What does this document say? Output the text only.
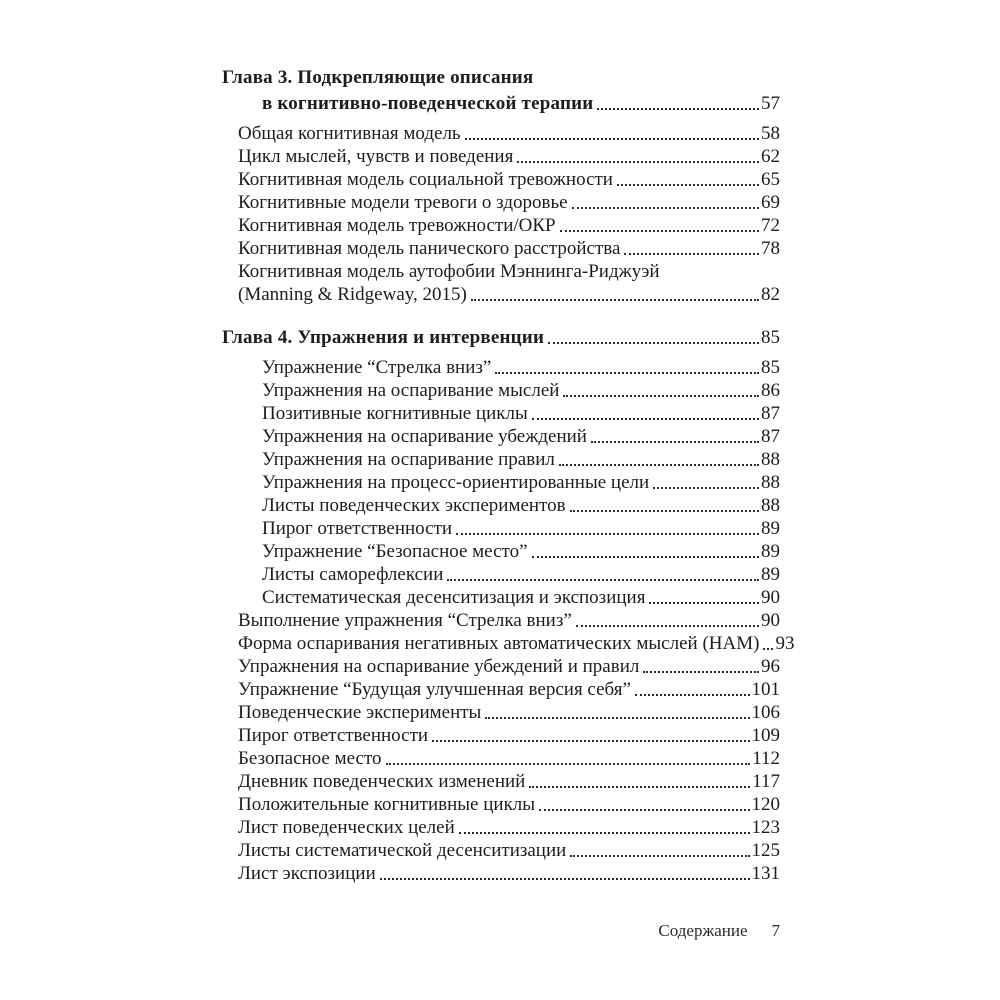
Глава 3. Подкрепляющие описания
в когнитивно-поведенческой терапии	57
Общая когнитивная модель	58
Цикл мыслей, чувств и поведения	62
Когнитивная модель социальной тревожности	65
Когнитивные модели тревоги о здоровье	69
Когнитивная модель тревожности/ОКР	72
Когнитивная модель панического расстройства	78
Когнитивная модель аутофобии Мэннинга-Риджуэй
(Manning & Ridgeway, 2015)	82
Глава 4. Упражнения и интервенции	85
Упражнение “Стрелка вниз”	85
Упражнения на оспаривание мыслей	86
Позитивные когнитивные циклы	87
Упражнения на оспаривание убеждений	87
Упражнения на оспаривание правил	88
Упражнения на процесс-ориентированные цели	88
Листы поведенческих экспериментов	88
Пирог ответственности	89
Упражнение “Безопасное место”	89
Листы саморефлексии	89
Систематическая десенситизация и экспозиция	90
Выполнение упражнения “Стрелка вниз”	90
Форма оспаривания негативных автоматических мыслей (НАМ) 93
Упражнения на оспаривание убеждений и правил	96
Упражнение “Будущая улучшенная версия себя”	101
Поведенческие эксперименты	106
Пирог ответственности	109
Безопасное место	112
Дневник поведенческих изменений	117
Положительные когнитивные циклы	120
Лист поведенческих целей	123
Листы систематической десенситизации	125
Лист экспозиции	131
Содержание 7
